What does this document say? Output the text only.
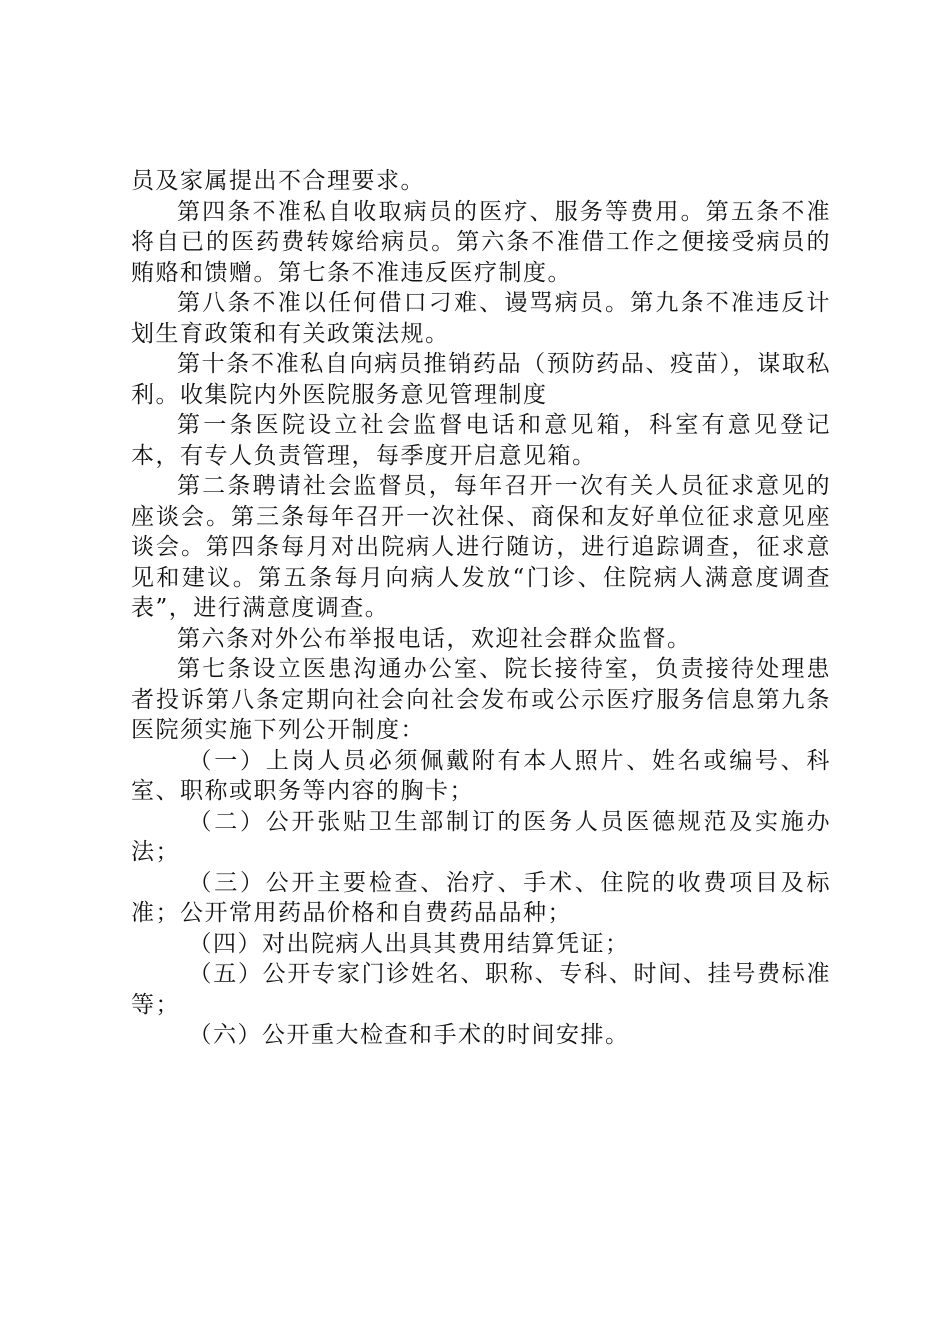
员及家属提出不合理要求。

第四条不准私自收取病员的医疗、服务等费用。第五条不准将自已的医药费转嫁给病员。第六条不准借工作之便接受病员的贿赂和馈赠。第七条不准违反医疗制度。

第八条不准以任何借口刁难、谩骂病员。第九条不准违反计划生育政策和有关政策法规。

第十条不准私自向病员推销药品（预防药品、疫苗），谋取私利。收集院内外医院服务意见管理制度

第一条医院设立社会监督电话和意见箱，科室有意见登记本，有专人负责管理，每季度开启意见箱。

第二条聘请社会监督员，每年召开一次有关人员征求意见的座谈会。第三条每年召开一次社保、商保和友好单位征求意见座谈会。第四条每月对出院病人进行随访，进行追踪调查，征求意见和建议。第五条每月向病人发放“门诊、住院病人满意度调查表”，进行满意度调查。

第六条对外公布举报电话，欢迎社会群众监督。

第七条设立医患沟通办公室、院长接待室，负责接待处理患者投诉第八条定期向社会向社会发布或公示医疗服务信息第九条医院须实施下列公开制度：

（一）上岗人员必须佩戴附有本人照片、姓名或编号、科室、职称或职务等内容的胸卡；

（二）公开张贴卫生部制订的医务人员医德规范及实施办法；

（三）公开主要检查、治疗、手术、住院的收费项目及标准；公开常用药品价格和自费药品品种；

（四）对出院病人出具其费用结算凭证；

（五）公开专家门诊姓名、职称、专科、时间、挂号费标准等；

（六）公开重大检查和手术的时间安排。
